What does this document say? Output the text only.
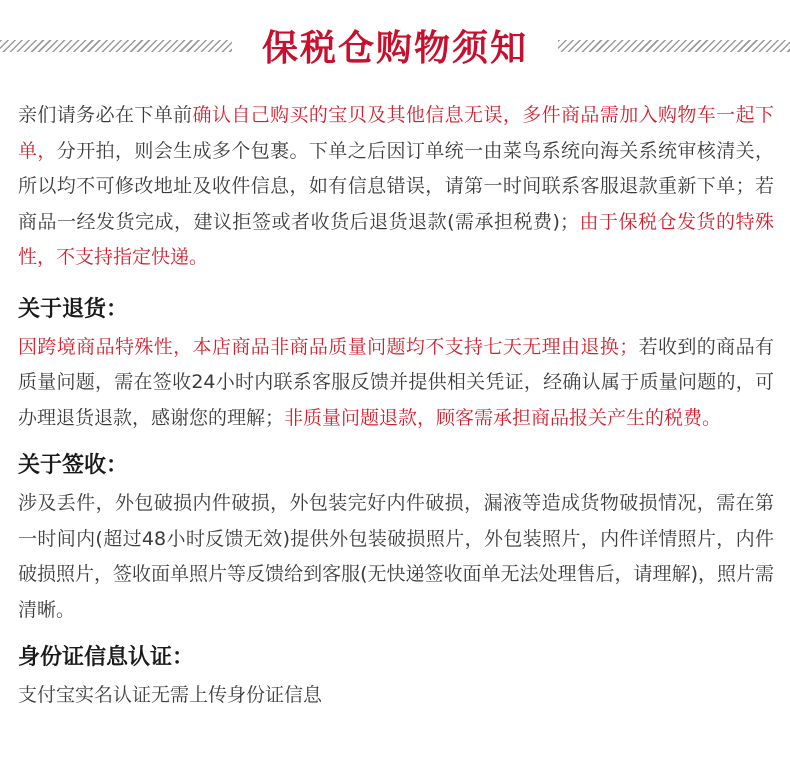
保税仓购物须知

亲们请务必在下单前确认自己购买的宝贝及其他信息无误，多件商品需加入购物车一起下单，分开拍，则会生成多个包裹。下单之后因订单统一由菜鸟系统向海关系统审核清关，所以均不可修改地址及收件信息，如有信息错误，请第一时间联系客服退款重新下单；若商品一经发货完成，建议拒签或者收货后退货退款(需承担税费)；由于保税仓发货的特殊性，不支持指定快递。

关于退货：

因跨境商品特殊性，本店商品非商品质量问题均不支持七天无理由退换；若收到的商品有质量问题，需在签收24小时内联系客服反馈并提供相关凭证，经确认属于质量问题的，可办理退货退款，感谢您的理解；非质量问题退款，顾客需承担商品报关产生的税费。

关于签收：

涉及丢件，外包破损内件破损，外包装完好内件破损，漏液等造成货物破损情况，需在第一时间内(超过48小时反馈无效)提供外包装破损照片，外包装照片，内件详情照片，内件破损照片，签收面单照片等反馈给到客服(无快递签收面单无法处理售后，请理解)，照片需清晰。

身份证信息认证：

支付宝实名认证无需上传身份证信息
